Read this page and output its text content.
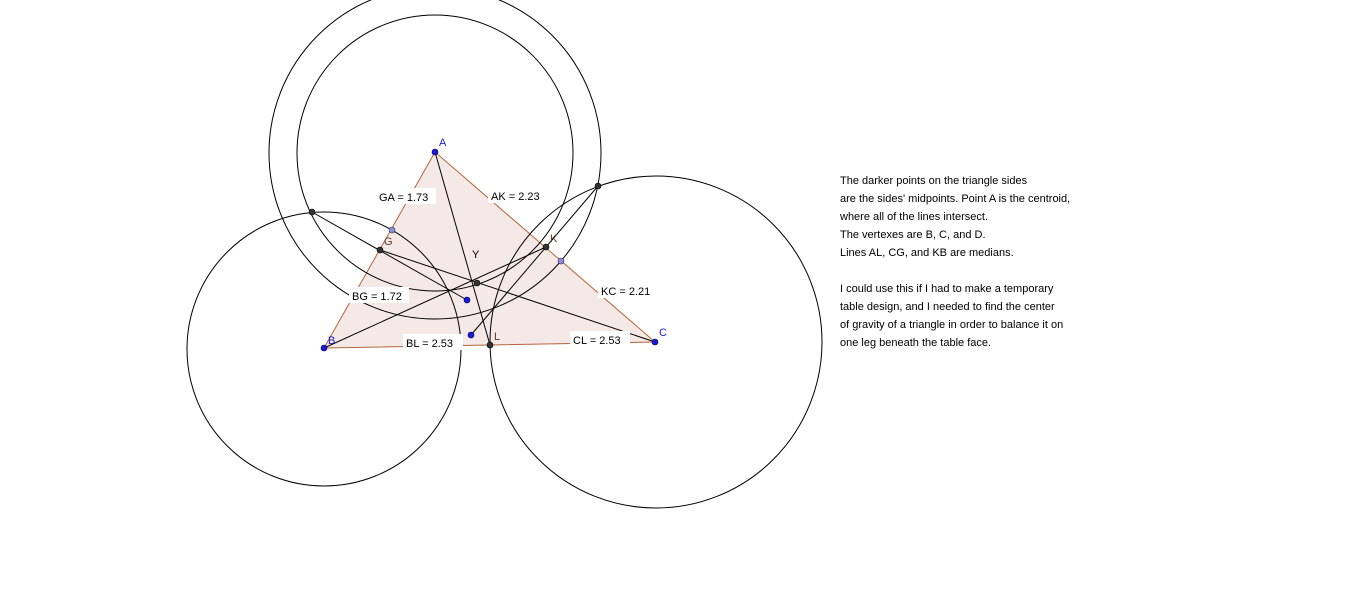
A
B
C
G	K
L
Y
GA = 1.73	AK = 2.23
BG = 1.72	KC = 2.21
BL = 2.53	CL = 2.53
The darker points on the triangle sides
are the sides' midpoints. Point A is the centroid,
where all of the lines intersect.
The vertexes are B, C, and D.
Lines AL, CG, and KB are medians.
I could use this if I had to make a temporary
table design, and I needed to find the center
of gravity of a triangle in order to balance it on
one leg beneath the table face.
